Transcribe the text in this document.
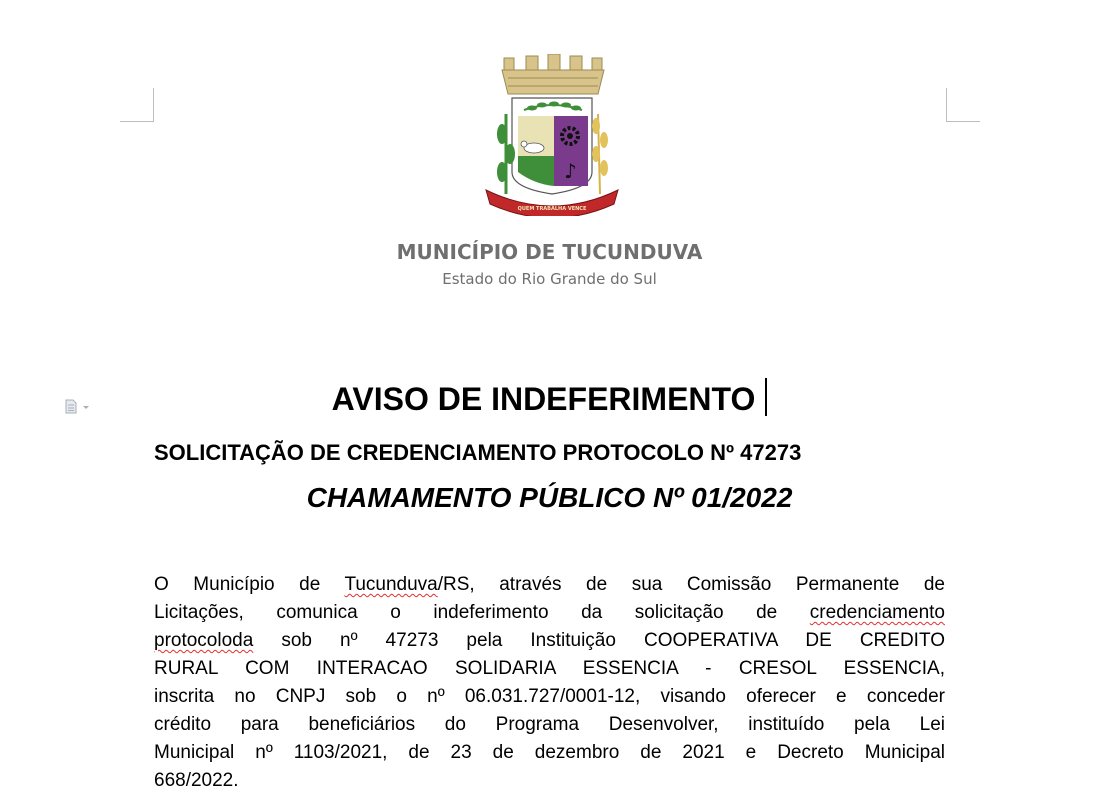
♪
QUEM TRABALHA VENCE
MUNICÍPIO DE TUCUNDUVA
Estado do Rio Grande do Sul
AVISO DE INDEFERIMENTO
SOLICITAÇÃO DE CREDENCIAMENTO PROTOCOLO Nº 47273
CHAMAMENTO PÚBLICO Nº 01/2022
O Município de Tucunduva/RS, através de sua Comissão Permanente de
Licitações, comunica o indeferimento da solicitação de credenciamento
protocoloda sob nº 47273 pela Instituição COOPERATIVA DE CREDITO
RURAL COM INTERACAO SOLIDARIA ESSENCIA - CRESOL ESSENCIA,
inscrita no CNPJ sob o nº 06.031.727/0001-12, visando oferecer e conceder
crédito para beneficiários do Programa Desenvolver, instituído pela Lei
Municipal nº 1103/2021, de 23 de dezembro de 2021 e Decreto Municipal
668/2022.
